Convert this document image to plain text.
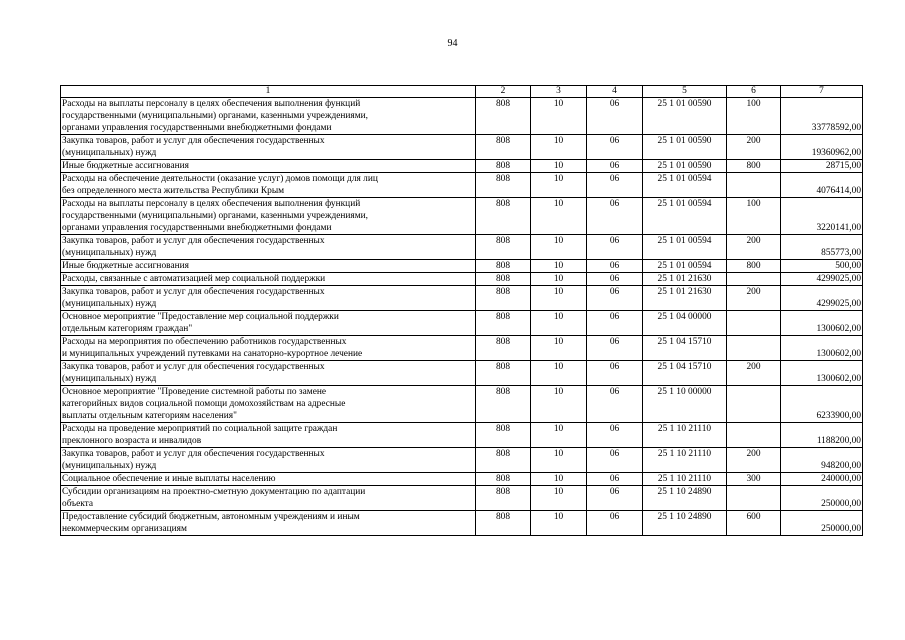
94
1	2	3	4	5	6	7
Расходы на выплаты персоналу в целях обеспечения выполнения функций
государственными (муниципальными) органами, казенными учреждениями,
органами управления государственными внебюджетными фондами	808	10	06	25 1 01 00590	100	33778592,00
Закупка товаров, работ и услуг для обеспечения государственных
(муниципальных) нужд	808	10	06	25 1 01 00590	200	19360962,00
Иные бюджетные ассигнования	808	10	06	25 1 01 00590	800	28715,00
Расходы на обеспечение деятельности (оказание услуг) домов помощи для лиц
без определенного места жительства Республики Крым	808	10	06	25 1 01 00594		4076414,00
Расходы на выплаты персоналу в целях обеспечения выполнения функций
государственными (муниципальными) органами, казенными учреждениями,
органами управления государственными внебюджетными фондами	808	10	06	25 1 01 00594	100	3220141,00
Закупка товаров, работ и услуг для обеспечения государственных
(муниципальных) нужд	808	10	06	25 1 01 00594	200	855773,00
Иные бюджетные ассигнования	808	10	06	25 1 01 00594	800	500,00
Расходы, связанные с автоматизацией мер социальной поддержки	808	10	06	25 1 01 21630		4299025,00
Закупка товаров, работ и услуг для обеспечения государственных
(муниципальных) нужд	808	10	06	25 1 01 21630	200	4299025,00
Основное мероприятие "Предоставление мер социальной поддержки
отдельным категориям граждан"	808	10	06	25 1 04 00000		1300602,00
Расходы на мероприятия по обеспечению работников государственных
и муниципальных учреждений путевками на санаторно-курортное лечение	808	10	06	25 1 04 15710		1300602,00
Закупка товаров, работ и услуг для обеспечения государственных
(муниципальных) нужд	808	10	06	25 1 04 15710	200	1300602,00
Основное мероприятие "Проведение системной работы по замене
категорийных видов социальной помощи домохозяйствам на адресные
выплаты отдельным категориям населения"	808	10	06	25 1 10 00000		6233900,00
Расходы на проведение мероприятий по социальной защите граждан
преклонного возраста и инвалидов	808	10	06	25 1 10 21110		1188200,00
Закупка товаров, работ и услуг для обеспечения государственных
(муниципальных) нужд	808	10	06	25 1 10 21110	200	948200,00
Социальное обеспечение и иные выплаты населению	808	10	06	25 1 10 21110	300	240000,00
Субсидии организациям на проектно-сметную документацию по адаптации
объекта	808	10	06	25 1 10 24890		250000,00
Предоставление субсидий бюджетным, автономным учреждениям и иным
некоммерческим организациям	808	10	06	25 1 10 24890	600	250000,00
